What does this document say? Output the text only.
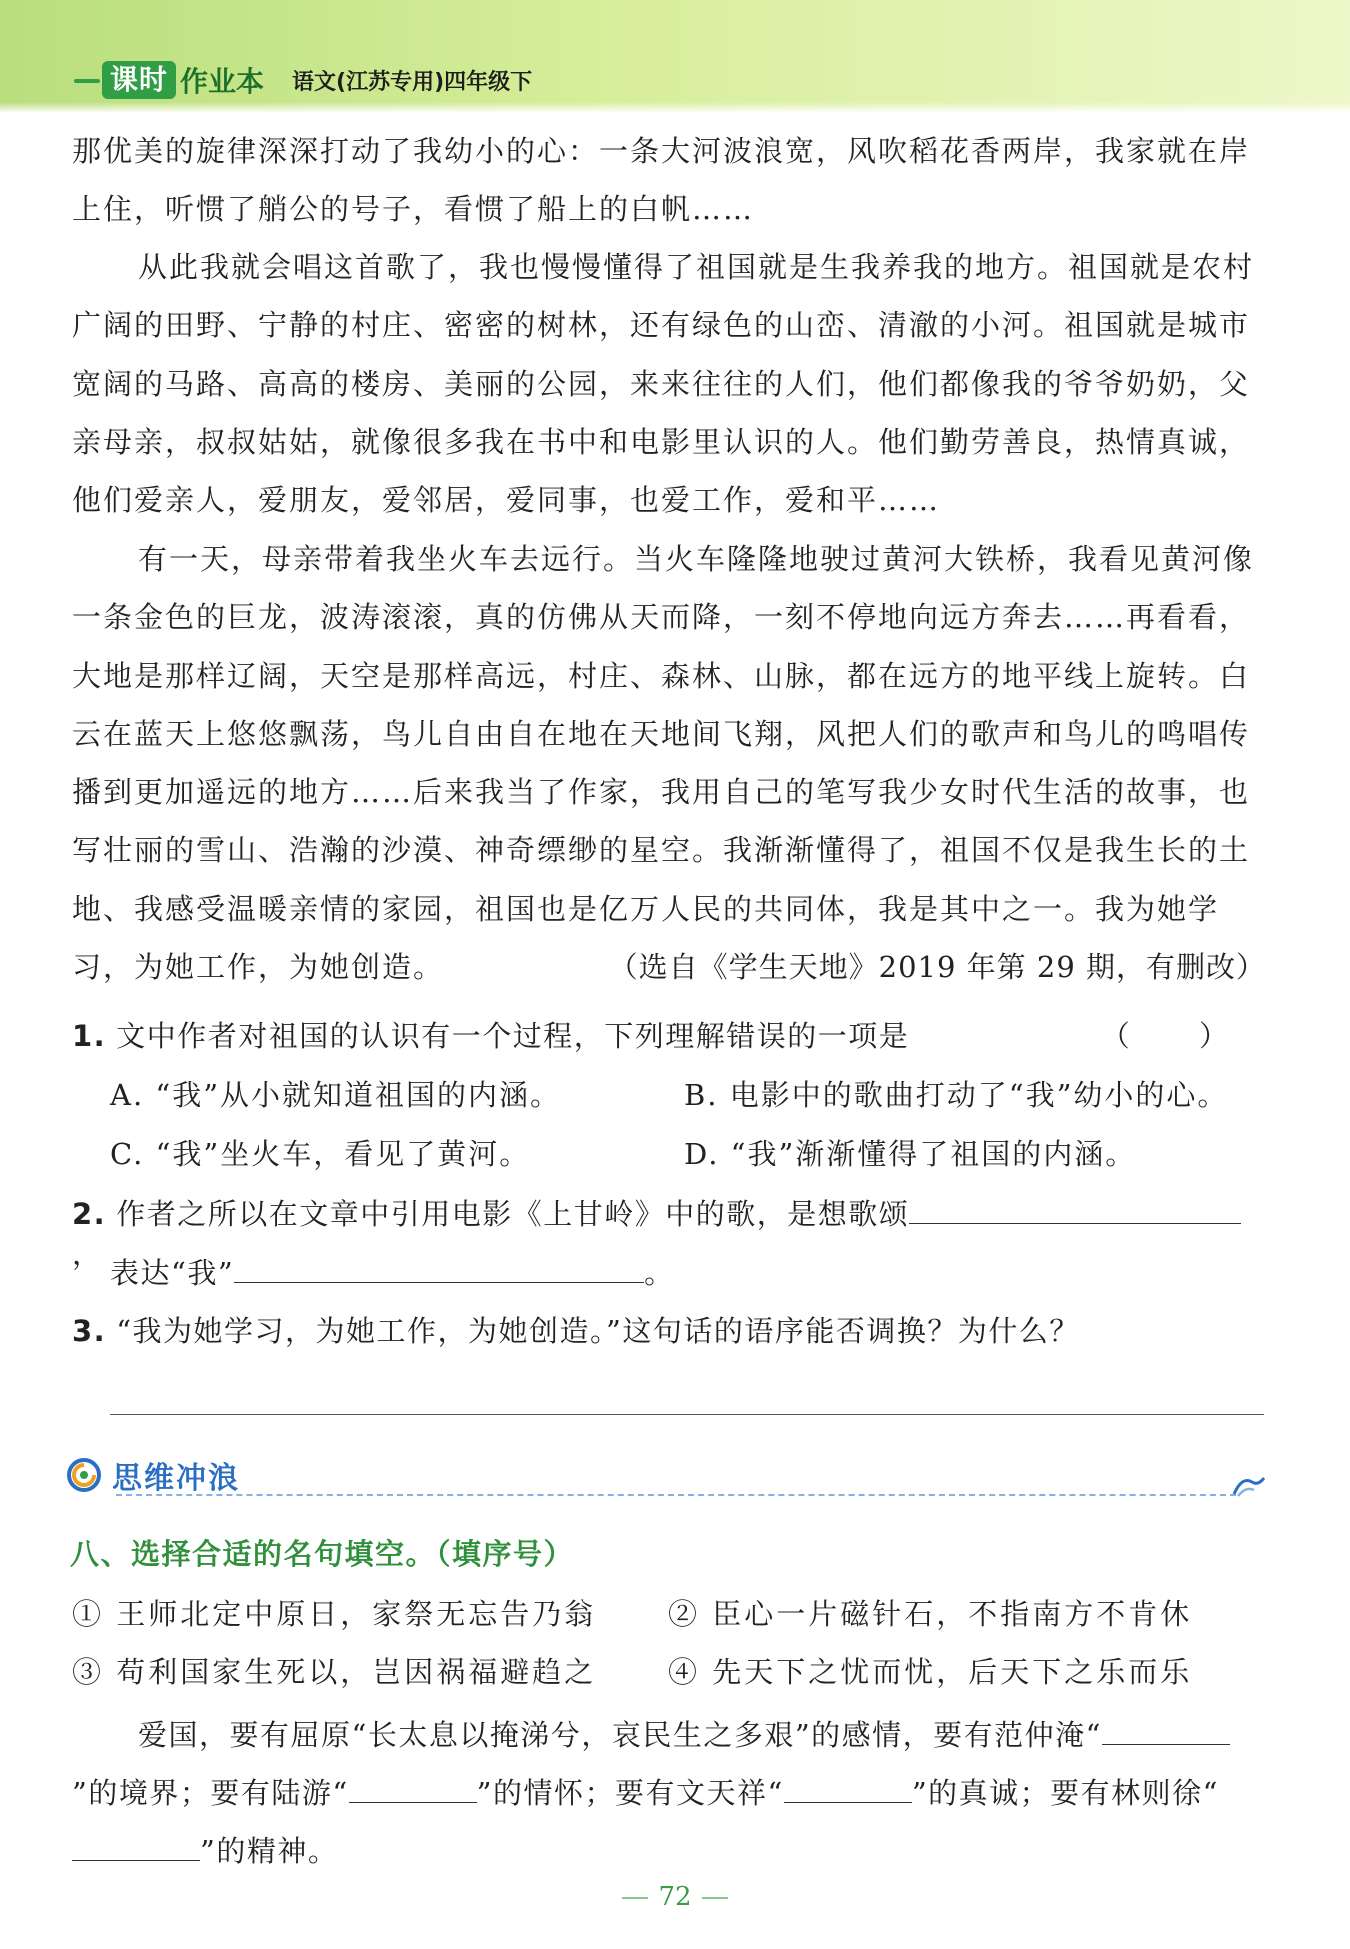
课时 作业本 语文(江苏专用)四年级下

那优美的旋律深深打动了我幼小的心：一条大河波浪宽，风吹稻花香两岸，我家就在岸上住，听惯了艄公的号子，看惯了船上的白帆……

从此我就会唱这首歌了，我也慢慢懂得了祖国就是生我养我的地方。祖国就是农村广阔的田野、宁静的村庄、密密的树林，还有绿色的山峦、清澈的小河。祖国就是城市宽阔的马路、高高的楼房、美丽的公园，来来往往的人们，他们都像我的爷爷奶奶，父亲母亲，叔叔姑姑，就像很多我在书中和电影里认识的人。他们勤劳善良，热情真诚，他们爱亲人，爱朋友，爱邻居，爱同事，也爱工作，爱和平……

有一天，母亲带着我坐火车去远行。当火车隆隆地驶过黄河大铁桥，我看见黄河像一条金色的巨龙，波涛滚滚，真的仿佛从天而降，一刻不停地向远方奔去……再看看，大地是那样辽阔，天空是那样高远，村庄、森林、山脉，都在远方的地平线上旋转。白云在蓝天上悠悠飘荡，鸟儿自由自在地在天地间飞翔，风把人们的歌声和鸟儿的鸣唱传播到更加遥远的地方……后来我当了作家，我用自己的笔写我少女时代生活的故事，也写壮丽的雪山、浩瀚的沙漠、神奇缥缈的星空。我渐渐懂得了，祖国不仅是我生长的土地、我感受温暖亲情的家园，祖国也是亿万人民的共同体，我是其中之一。我为她学习，为她工作，为她创造。	（选自《学生天地》2019 年第 29 期，有删改）
1. 文中作者对祖国的认识有一个过程，下列理解错误的一项是	（ ）
A. “我”从小就知道祖国的内涵。	B. 电影中的歌曲打动了“我”幼小的心。
C. “我”坐火车，看见了黄河。	D. “我”渐渐懂得了祖国的内涵。
2. 作者之所以在文章中引用电影《上甘岭》中的歌，是想歌颂，
表达“我”	。
3. “我为她学习，为她工作，为她创造。”这句话的语序能否调换？为什么？
思维冲浪
八、选择合适的名句填空。（填序号）
① 王师北定中原日，家祭无忘告乃翁 ② 臣心一片磁针石，不指南方不肯休
③ 苟利国家生死以，岂因祸福避趋之 ④ 先天下之忧而忧，后天下之乐而乐

爱国，要有屈原“长太息以掩涕兮，哀民生之多艰”的感情，要有范仲淹“”的境界；要有陆游“	”的情怀；要有文天祥“	”的真诚；要有林则徐“”的精神。

72
